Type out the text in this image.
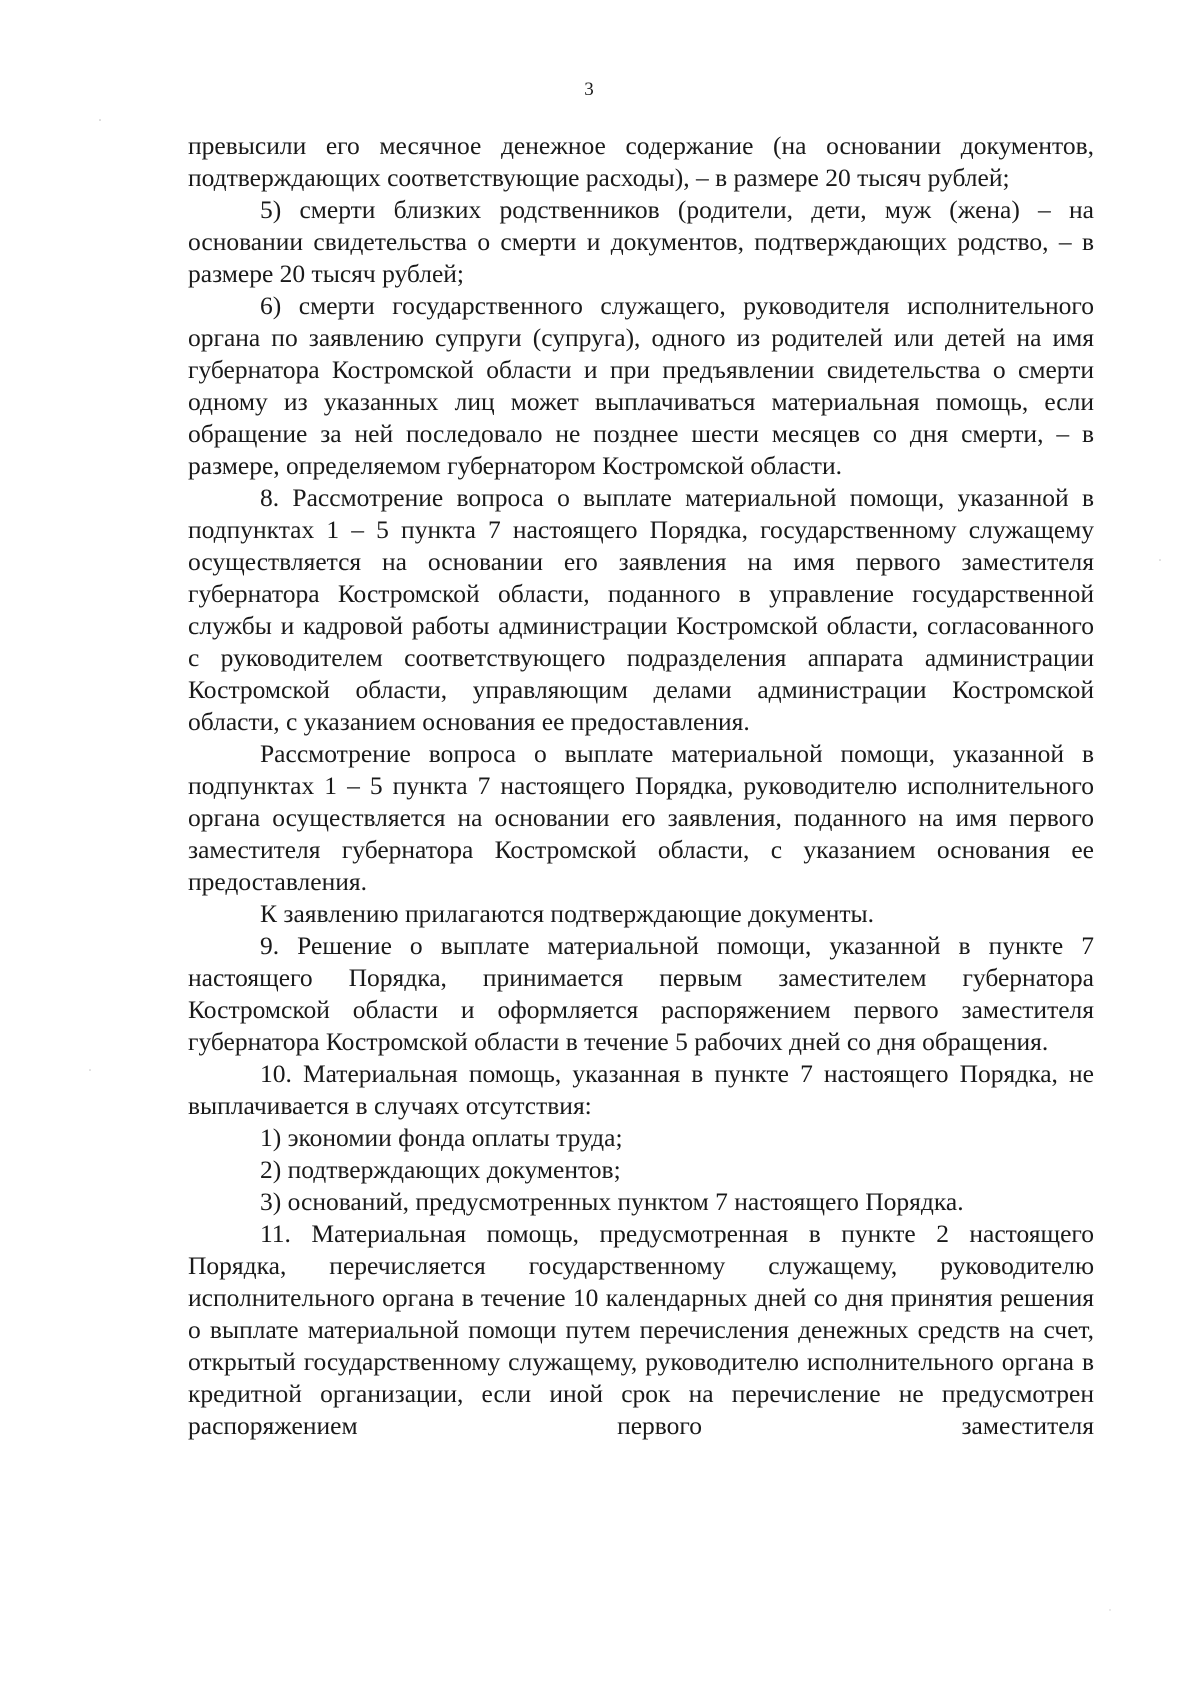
3

превысили его месячное денежное содержание (на основании документов, подтверждающих соответствующие расходы), – в размере 20 тысяч рублей;

5) смерти близких родственников (родители, дети, муж (жена) – на основании свидетельства о смерти и документов, подтверждающих родство, – в размере 20 тысяч рублей;

6) смерти государственного служащего, руководителя исполнительного органа по заявлению супруги (супруга), одного из родителей или детей на имя губернатора Костромской области и при предъявлении свидетельства о смерти одному из указанных лиц может выплачиваться материальная помощь, если обращение за ней последовало не позднее шести месяцев со дня смерти, – в размере, определяемом губернатором Костромской области.

8. Рассмотрение вопроса о выплате материальной помощи, указанной в подпунктах 1 – 5 пункта 7 настоящего Порядка, государственному служащему осуществляется на основании его заявления на имя первого заместителя губернатора Костромской области, поданного в управление государственной службы и кадровой работы администрации Костромской области, согласованного с руководителем соответствующего подразделения аппарата администрации Костромской области, управляющим делами администрации Костромской области, с указанием основания ее предоставления.

Рассмотрение вопроса о выплате материальной помощи, указанной в подпунктах 1 – 5 пункта 7 настоящего Порядка, руководителю исполнительного органа осуществляется на основании его заявления, поданного на имя первого заместителя губернатора Костромской области, с указанием основания ее предоставления.

К заявлению прилагаются подтверждающие документы.

9. Решение о выплате материальной помощи, указанной в пункте 7 настоящего Порядка, принимается первым заместителем губернатора Костромской области и оформляется распоряжением первого заместителя губернатора Костромской области в течение 5 рабочих дней со дня обращения.

10. Материальная помощь, указанная в пункте 7 настоящего Порядка, не выплачивается в случаях отсутствия:

1) экономии фонда оплаты труда;

2) подтверждающих документов;

3) оснований, предусмотренных пунктом 7 настоящего Порядка.

11. Материальная помощь, предусмотренная в пункте 2 настоящего Порядка, перечисляется государственному служащему, руководителю исполнительного органа в течение 10 календарных дней со дня принятия решения о выплате материальной помощи путем перечисления денежных средств на счет, открытый государственному служащему, руководителю исполнительного органа в кредитной организации, если иной срок на перечисление не предусмотрен распоряжением первого заместителя
